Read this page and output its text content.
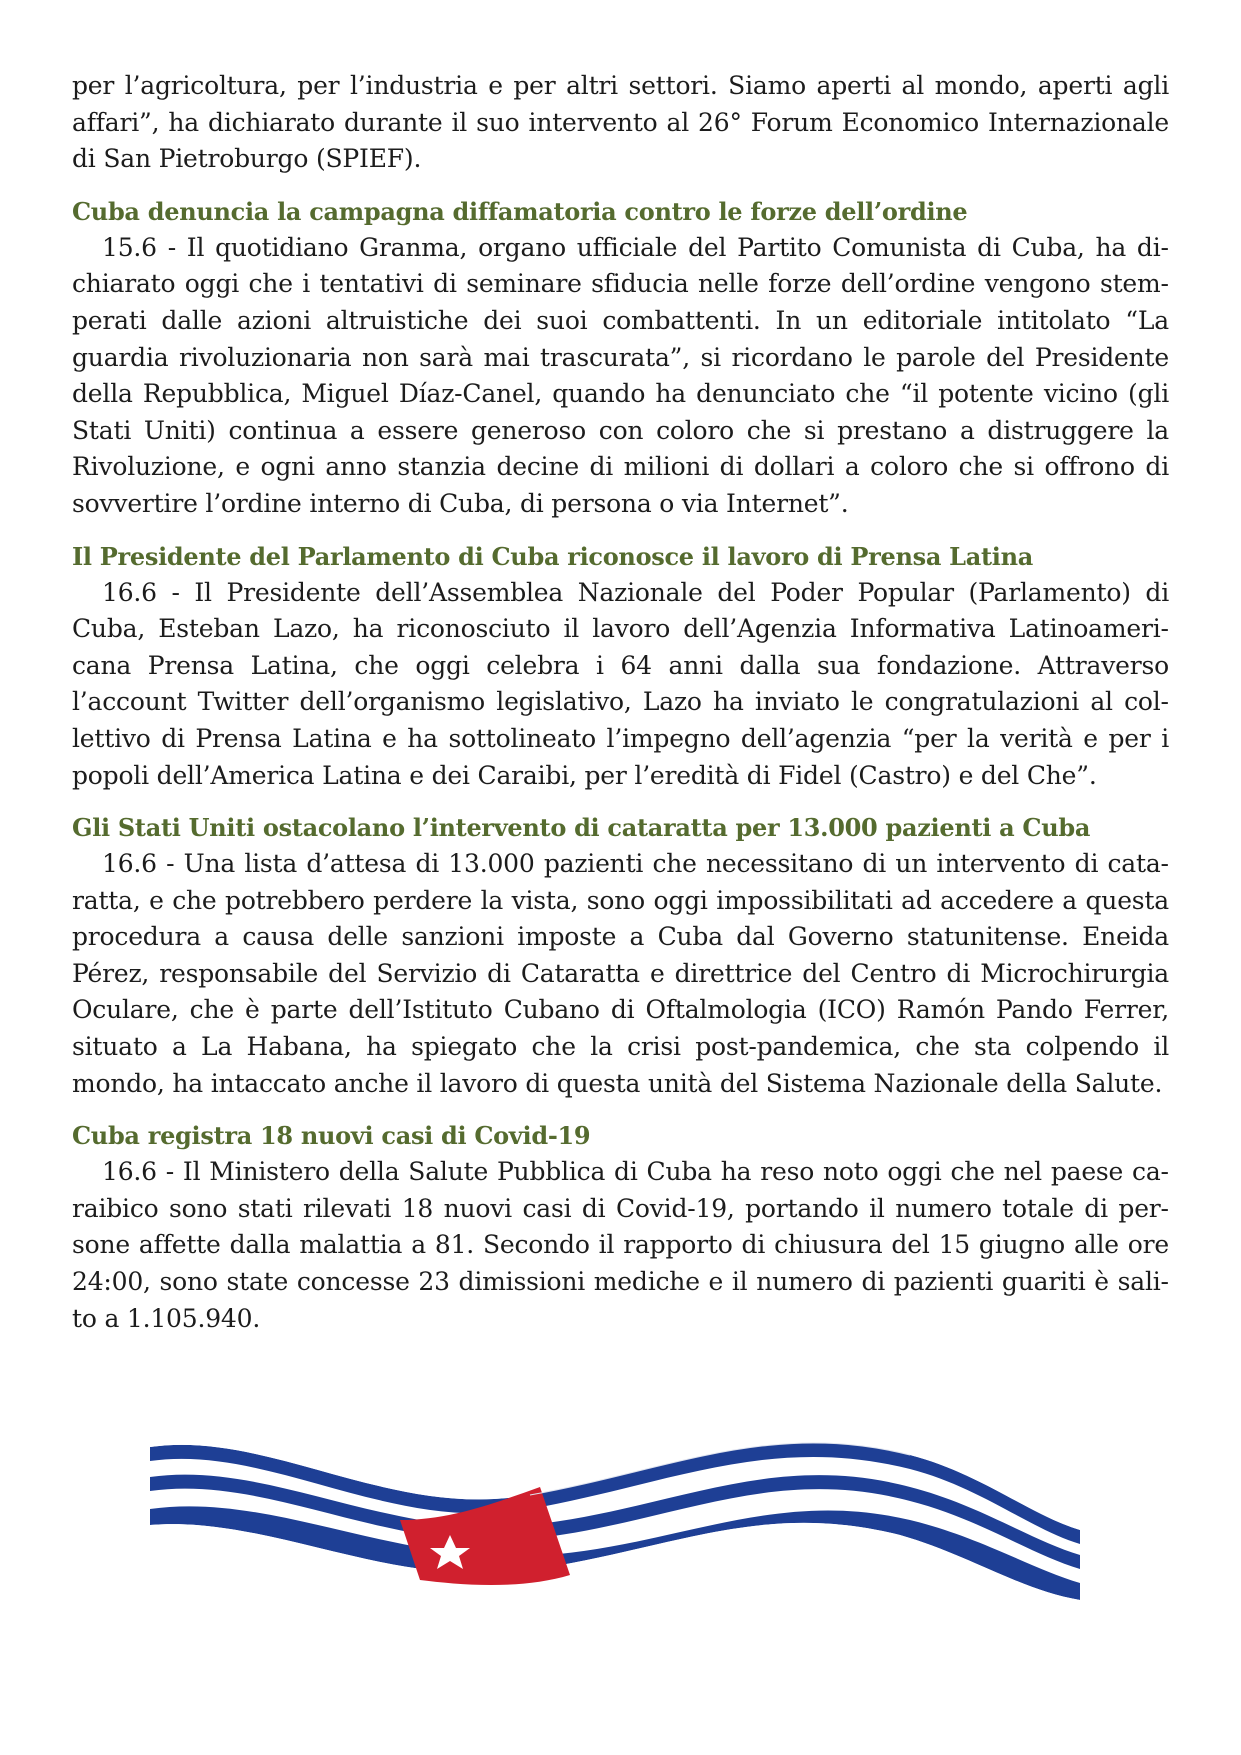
per l’agricoltura, per l’industria e per altri settori. Siamo aperti al mondo, aperti agli affari”, ha dichiarato durante il suo intervento al 26° Forum Economico Internazionale di San Pietroburgo (SPIEF).

Cuba denuncia la campagna diffamatoria contro le forze dell’ordine

15.6 - Il quotidiano Granma, organo ufficiale del Partito Comunista di Cuba, ha dichiarato oggi che i tentativi di seminare sfiducia nelle forze dell’ordine vengono stemperati dalle azioni altruistiche dei suoi combattenti. In un editoriale intitolato “La guardia rivoluzionaria non sarà mai trascurata”, si ricordano le parole del Presidente della Repubblica, Miguel Díaz-Canel, quando ha denunciato che “il potente vicino (gli Stati Uniti) continua a essere generoso con coloro che si prestano a distruggere la Rivoluzione, e ogni anno stanzia decine di milioni di dollari a coloro che si offrono di sovvertire l’ordine interno di Cuba, di persona o via Internet”.

Il Presidente del Parlamento di Cuba riconosce il lavoro di Prensa Latina

16.6 - Il Presidente dell’Assemblea Nazionale del Poder Popular (Parlamento) di Cuba, Esteban Lazo, ha riconosciuto il lavoro dell’Agenzia Informativa Latinoamericana Prensa Latina, che oggi celebra i 64 anni dalla sua fondazione. Attraverso l’account Twitter dell’organismo legislativo, Lazo ha inviato le congratulazioni al collettivo di Prensa Latina e ha sottolineato l’impegno dell’agenzia “per la verità e per i popoli dell’America Latina e dei Caraibi, per l’eredità di Fidel (Castro) e del Che”.

Gli Stati Uniti ostacolano l’intervento di cataratta per 13.000 pazienti a Cuba

16.6 - Una lista d’attesa di 13.000 pazienti che necessitano di un intervento di cataratta, e che potrebbero perdere la vista, sono oggi impossibilitati ad accedere a questa procedura a causa delle sanzioni imposte a Cuba dal Governo statunitense. Eneida Pérez, responsabile del Servizio di Cataratta e direttrice del Centro di Microchirurgia Oculare, che è parte dell’Istituto Cubano di Oftalmologia (ICO) Ramón Pando Ferrer, situato a La Habana, ha spiegato che la crisi post-pandemica, che sta colpendo il mondo, ha intaccato anche il lavoro di questa unità del Sistema Nazionale della Salute.

Cuba registra 18 nuovi casi di Covid-19

16.6 - Il Ministero della Salute Pubblica di Cuba ha reso noto oggi che nel paese caraibico sono stati rilevati 18 nuovi casi di Covid-19, portando il numero totale di persone affette dalla malattia a 81. Secondo il rapporto di chiusura del 15 giugno alle ore 24:00, sono state concesse 23 dimissioni mediche e il numero di pazienti guariti è salito a 1.105.940.
